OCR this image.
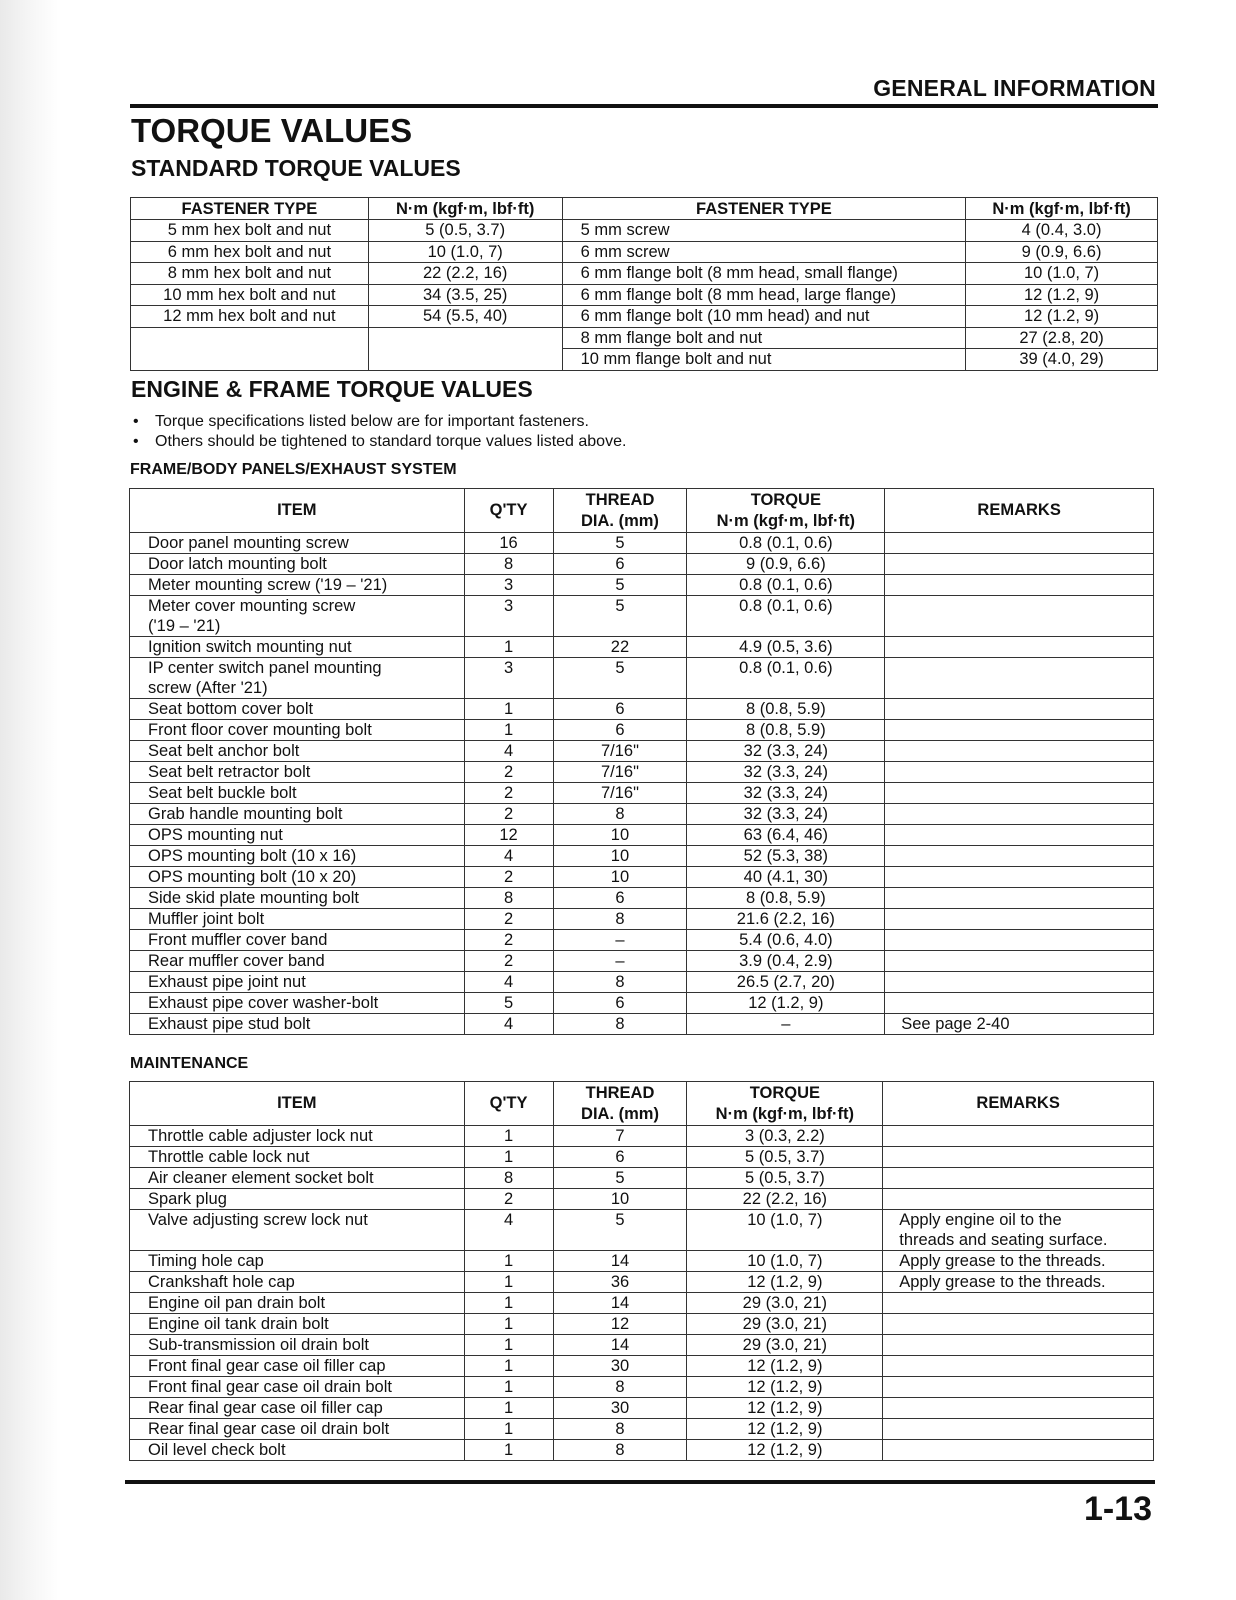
GENERAL INFORMATION
TORQUE VALUES
STANDARD TORQUE VALUES
FASTENER TYPE	N·m (kgf·m, lbf·ft)	FASTENER TYPE	N·m (kgf·m, lbf·ft)
5 mm hex bolt and nut	5 (0.5, 3.7)	5 mm screw	4 (0.4, 3.0)
6 mm hex bolt and nut	10 (1.0, 7)	6 mm screw	9 (0.9, 6.6)
8 mm hex bolt and nut	22 (2.2, 16)	6 mm flange bolt (8 mm head, small flange)	10 (1.0, 7)
10 mm hex bolt and nut	34 (3.5, 25)	6 mm flange bolt (8 mm head, large flange)	12 (1.2, 9)
12 mm hex bolt and nut	54 (5.5, 40)	6 mm flange bolt (10 mm head) and nut	12 (1.2, 9)
		8 mm flange bolt and nut	27 (2.8, 20)
		10 mm flange bolt and nut	39 (4.0, 29)
ENGINE & FRAME TORQUE VALUES
• Torque specifications listed below are for important fasteners.
• Others should be tightened to standard torque values listed above.
FRAME/BODY PANELS/EXHAUST SYSTEM
ITEM	Q'TY	THREAD
DIA. (mm)	TORQUE
N·m (kgf·m, lbf·ft)	REMARKS
Door panel mounting screw	16	5	0.8 (0.1, 0.6)	
Door latch mounting bolt	8	6	9 (0.9, 6.6)	
Meter mounting screw ('19 – '21)	3	5	0.8 (0.1, 0.6)	
Meter cover mounting screw
('19 – '21)	3	5	0.8 (0.1, 0.6)	
Ignition switch mounting nut	1	22	4.9 (0.5, 3.6)	
IP center switch panel mounting
screw (After '21)	3	5	0.8 (0.1, 0.6)	
Seat bottom cover bolt	1	6	8 (0.8, 5.9)	
Front floor cover mounting bolt	1	6	8 (0.8, 5.9)	
Seat belt anchor bolt	4	7/16"	32 (3.3, 24)	
Seat belt retractor bolt	2	7/16"	32 (3.3, 24)	
Seat belt buckle bolt	2	7/16"	32 (3.3, 24)	
Grab handle mounting bolt	2	8	32 (3.3, 24)	
OPS mounting nut	12	10	63 (6.4, 46)	
OPS mounting bolt (10 x 16)	4	10	52 (5.3, 38)	
OPS mounting bolt (10 x 20)	2	10	40 (4.1, 30)	
Side skid plate mounting bolt	8	6	8 (0.8, 5.9)	
Muffler joint bolt	2	8	21.6 (2.2, 16)	
Front muffler cover band	2	–	5.4 (0.6, 4.0)	
Rear muffler cover band	2	–	3.9 (0.4, 2.9)	
Exhaust pipe joint nut	4	8	26.5 (2.7, 20)	
Exhaust pipe cover washer-bolt	5	6	12 (1.2, 9)	
Exhaust pipe stud bolt	4	8	–	See page 2-40
MAINTENANCE
ITEM	Q'TY	THREAD
DIA. (mm)	TORQUE
N·m (kgf·m, lbf·ft)	REMARKS
Throttle cable adjuster lock nut	1	7	3 (0.3, 2.2)	
Throttle cable lock nut	1	6	5 (0.5, 3.7)	
Air cleaner element socket bolt	8	5	5 (0.5, 3.7)	
Spark plug	2	10	22 (2.2, 16)	
Valve adjusting screw lock nut	4	5	10 (1.0, 7)	Apply engine oil to the
threads and seating surface.
Timing hole cap	1	14	10 (1.0, 7)	Apply grease to the threads.
Crankshaft hole cap	1	36	12 (1.2, 9)	Apply grease to the threads.
Engine oil pan drain bolt	1	14	29 (3.0, 21)	
Engine oil tank drain bolt	1	12	29 (3.0, 21)	
Sub-transmission oil drain bolt	1	14	29 (3.0, 21)	
Front final gear case oil filler cap	1	30	12 (1.2, 9)	
Front final gear case oil drain bolt	1	8	12 (1.2, 9)	
Rear final gear case oil filler cap	1	30	12 (1.2, 9)	
Rear final gear case oil drain bolt	1	8	12 (1.2, 9)	
Oil level check bolt	1	8	12 (1.2, 9)	
1-13
